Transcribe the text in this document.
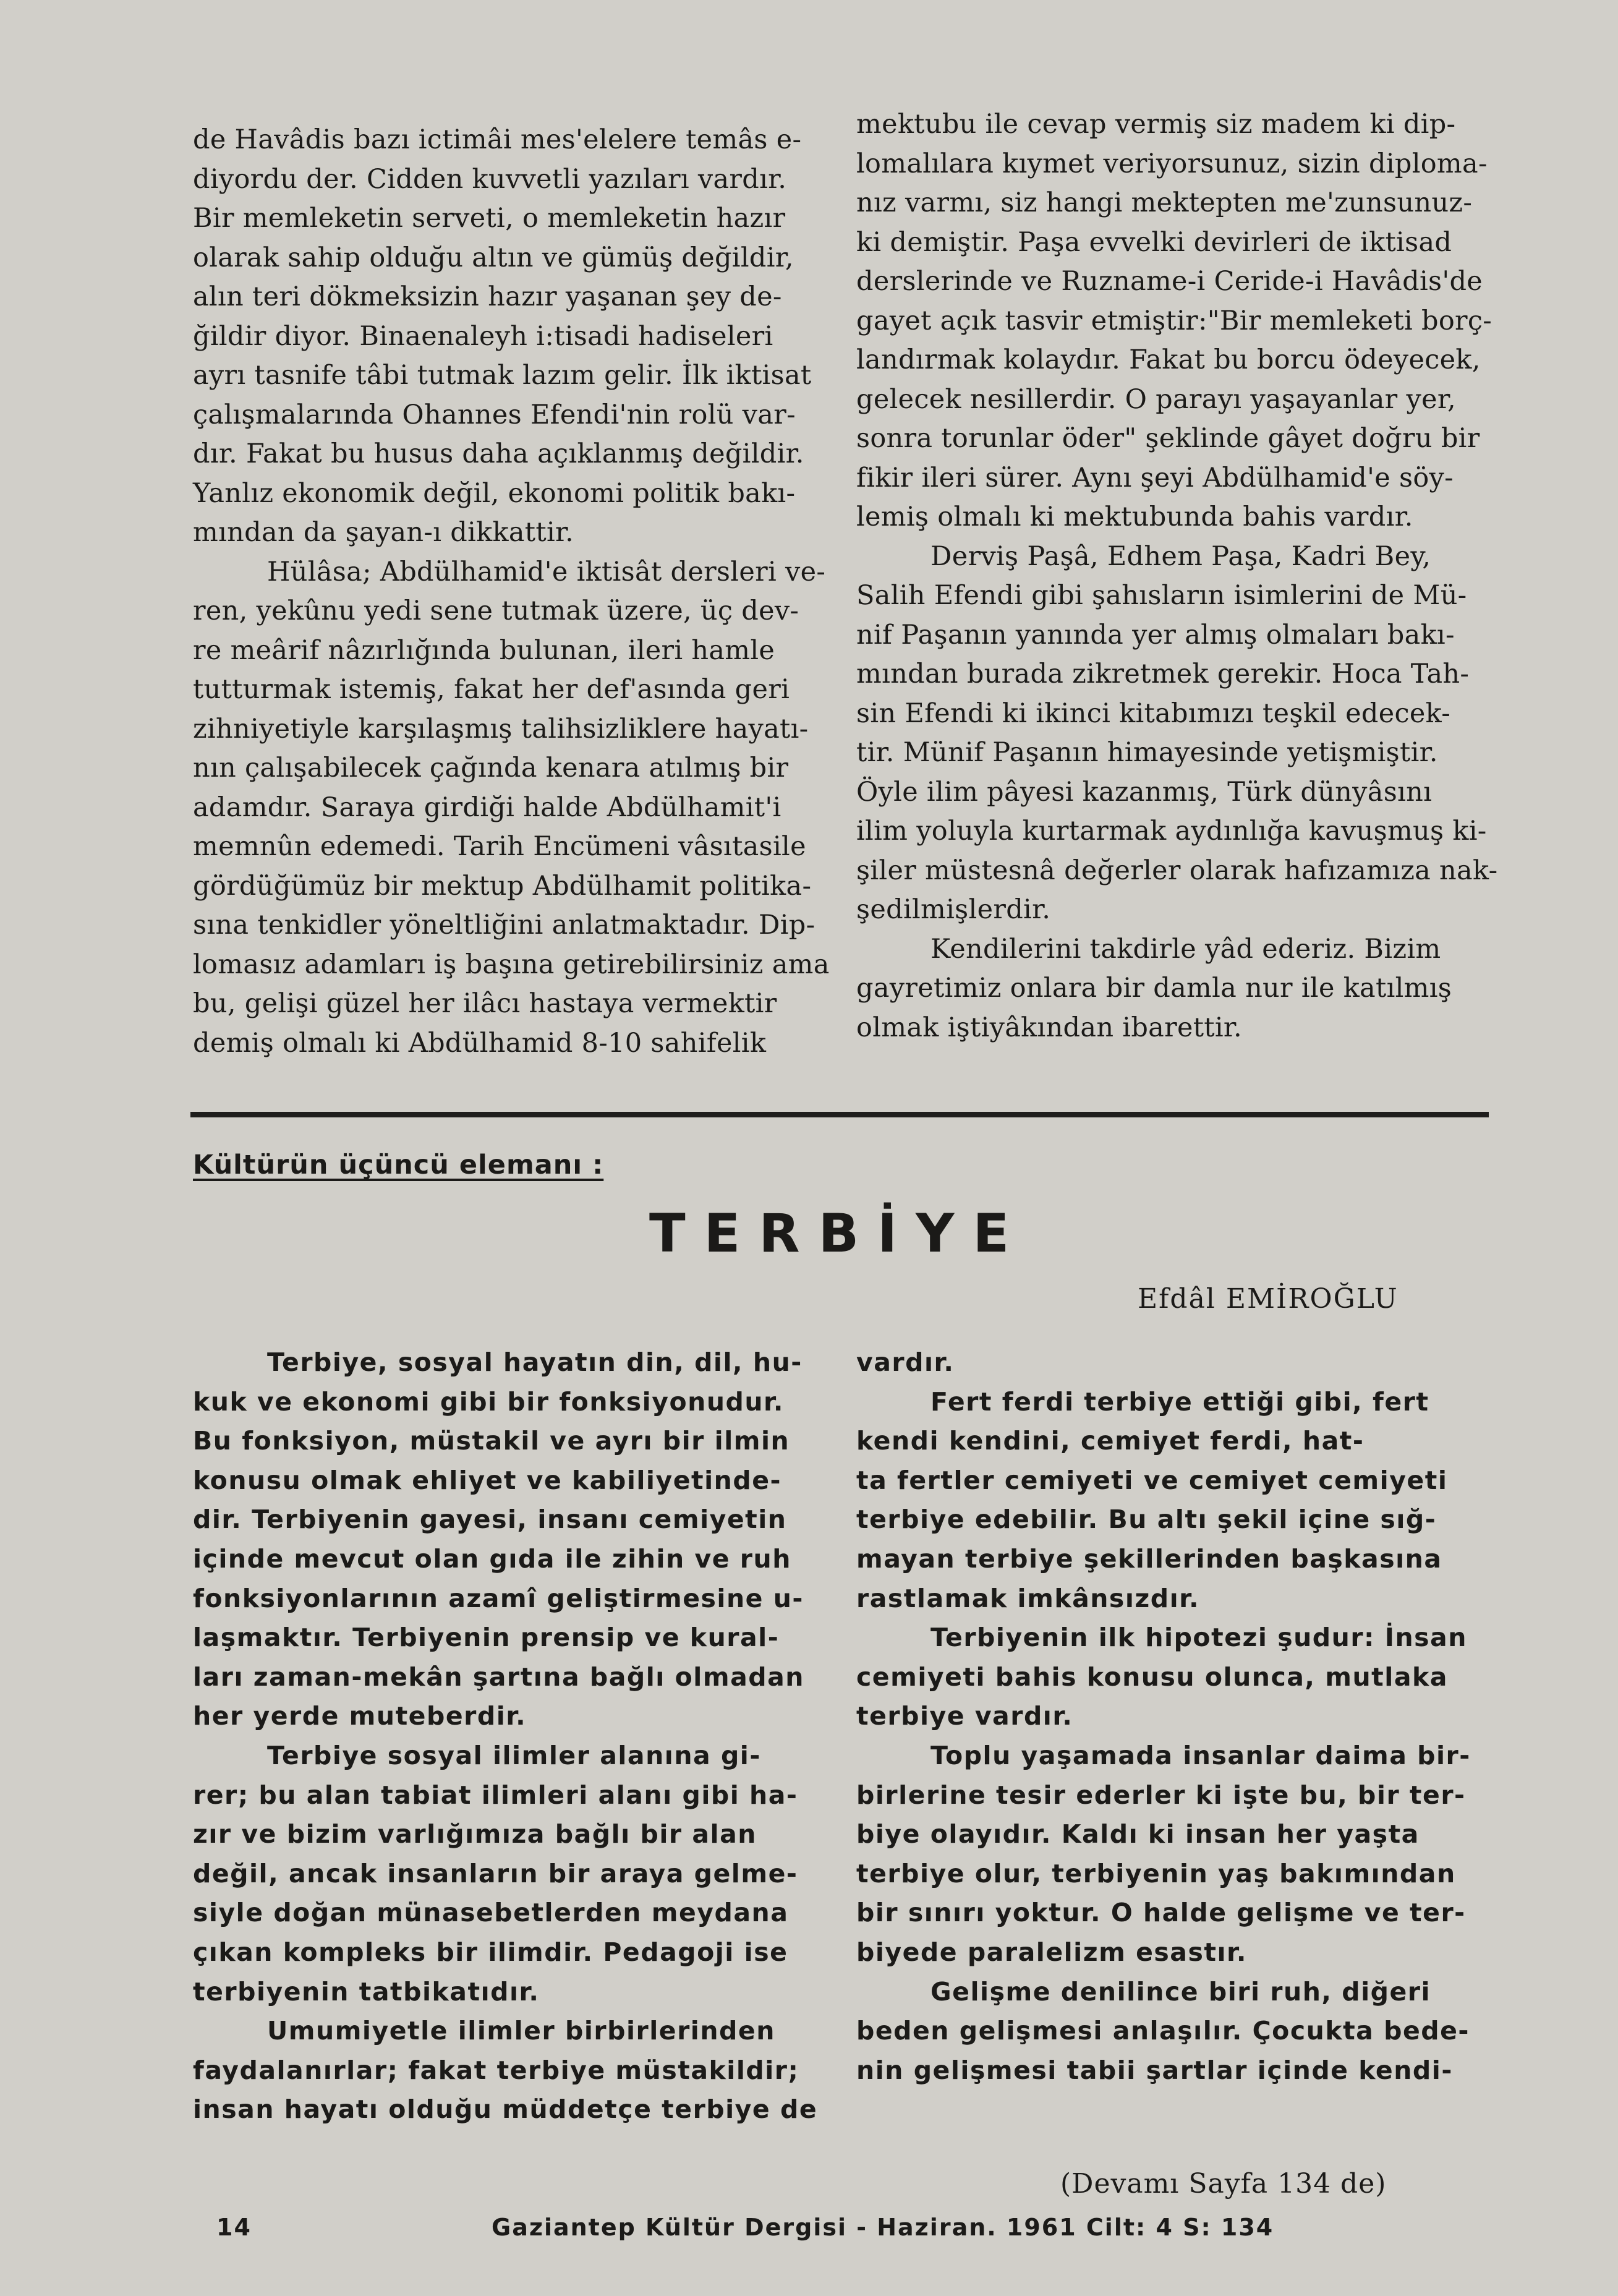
de Havâdis bazı ictimâi mes'elelere temâs e-
diyordu der. Cidden kuvvetli yazıları vardır.
Bir memleketin serveti, o memleketin hazır
olarak sahip olduğu altın ve gümüş değildir,
alın teri dökmeksizin hazır yaşanan şey de-
ğildir diyor. Binaenaleyh i:tisadi hadiseleri
ayrı tasnife tâbi tutmak lazım gelir. İlk iktisat
çalışmalarında Ohannes Efendi'nin rolü var-
dır. Fakat bu husus daha açıklanmış değildir.
Yanlız ekonomik değil, ekonomi politik bakı-
mından da şayan-ı dikkattir.

Hülâsa; Abdülhamid'e iktisât dersleri ve-
ren, yekûnu yedi sene tutmak üzere, üç dev-
re meârif nâzırlığında bulunan, ileri hamle
tutturmak istemiş, fakat her def'asında geri
zihniyetiyle karşılaşmış talihsizliklere hayatı-
nın çalışabilecek çağında kenara atılmış bir
adamdır. Saraya girdiği halde Abdülhamit'i
memnûn edemedi. Tarih Encümeni vâsıtasile
gördüğümüz bir mektup Abdülhamit politika-
sına tenkidler yöneltliğini anlatmaktadır. Dip-
lomasız adamları iş başına getirebilirsiniz ama
bu, gelişi güzel her ilâcı hastaya vermektir
demiş olmalı ki Abdülhamid 8-10 sahifelik

mektubu ile cevap vermiş siz madem ki dip-
lomalılara kıymet veriyorsunuz, sizin diploma-
nız varmı, siz hangi mektepten me'zunsunuz-
ki demiştir. Paşa evvelki devirleri de iktisad
derslerinde ve Ruzname-i Ceride-i Havâdis'de
gayet açık tasvir etmiştir:"Bir memleketi borç-
landırmak kolaydır. Fakat bu borcu ödeyecek,
gelecek nesillerdir. O parayı yaşayanlar yer,
sonra torunlar öder" şeklinde gâyet doğru bir
fikir ileri sürer. Aynı şeyi Abdülhamid'e söy-
lemiş olmalı ki mektubunda bahis vardır.

Derviş Paşâ, Edhem Paşa, Kadri Bey,
Salih Efendi gibi şahısların isimlerini de Mü-
nif Paşanın yanında yer almış olmaları bakı-
mından burada zikretmek gerekir. Hoca Tah-
sin Efendi ki ikinci kitabımızı teşkil edecek-
tir. Münif Paşanın himayesinde yetişmiştir.
Öyle ilim pâyesi kazanmış, Türk dünyâsını
ilim yoluyla kurtarmak aydınlığa kavuşmuş ki-
şiler müstesnâ değerler olarak hafızamıza nak-
şedilmişlerdir.

Kendilerini takdirle yâd ederiz. Bizim
gayretimiz onlara bir damla nur ile katılmış
olmak iştiyâkından ibarettir.

Kültürün üçüncü elemanı :
TERBİYE
Efdâl EMİROĞLU

Terbiye, sosyal hayatın din, dil, hu-
kuk ve ekonomi gibi bir fonksiyonudur.
Bu fonksiyon, müstakil ve ayrı bir ilmin
konusu olmak ehliyet ve kabiliyetinde-
dir. Terbiyenin gayesi, insanı cemiyetin
içinde mevcut olan gıda ile zihin ve ruh
fonksiyonlarının azamî geliştirmesine u-
laşmaktır. Terbiyenin prensip ve kural-
ları zaman-mekân şartına bağlı olmadan
her yerde muteberdir.

Terbiye sosyal ilimler alanına gi-
rer; bu alan tabiat ilimleri alanı gibi ha-
zır ve bizim varlığımıza bağlı bir alan
değil, ancak insanların bir araya gelme-
siyle doğan münasebetlerden meydana
çıkan kompleks bir ilimdir. Pedagoji ise
terbiyenin tatbikatıdır.

Umumiyetle ilimler birbirlerinden
faydalanırlar; fakat terbiye müstakildir;
insan hayatı olduğu müddetçe terbiye de

vardır.

Fert ferdi terbiye ettiği gibi, fert
kendi kendini, cemiyet ferdi, hat-
ta fertler cemiyeti ve cemiyet cemiyeti
terbiye edebilir. Bu altı şekil içine sığ-
mayan terbiye şekillerinden başkasına
rastlamak imkânsızdır.

Terbiyenin ilk hipotezi şudur: İnsan
cemiyeti bahis konusu olunca, mutlaka
terbiye vardır.

Toplu yaşamada insanlar daima bir-
birlerine tesir ederler ki işte bu, bir ter-
biye olayıdır. Kaldı ki insan her yaşta
terbiye olur, terbiyenin yaş bakımından
bir sınırı yoktur. O halde gelişme ve ter-
biyede paralelizm esastır.

Gelişme denilince biri ruh, diğeri
beden gelişmesi anlaşılır. Çocukta bede-
nin gelişmesi tabii şartlar içinde kendi-

(Devamı Sayfa 134 de)
14	Gaziantep Kültür Dergisi - Haziran. 1961 Cilt: 4 S: 134
